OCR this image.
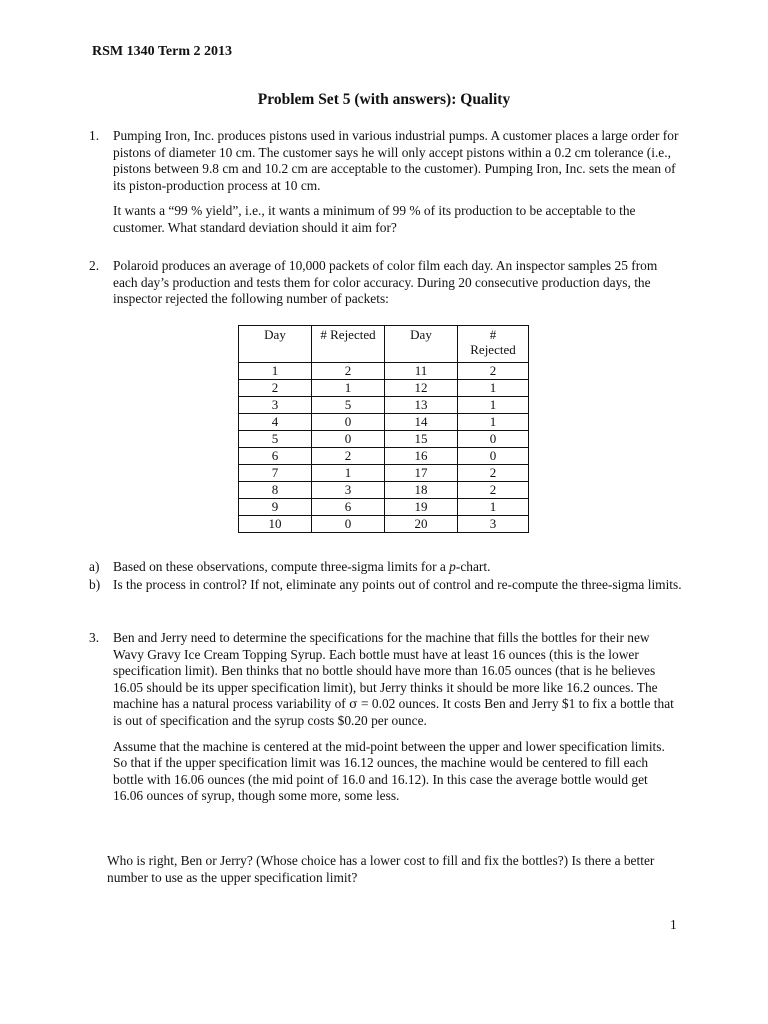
RSM 1340 Term 2 2013
Problem Set 5 (with answers): Quality
1. Pumping Iron, Inc. produces pistons used in various industrial pumps. A customer places a large order for pistons of diameter 10 cm. The customer says he will only accept pistons within a 0.2 cm tolerance (i.e., pistons between 9.8 cm and 10.2 cm are acceptable to the customer). Pumping Iron, Inc. sets the mean of its piston-production process at 10 cm.

It wants a “99 % yield”, i.e., it wants a minimum of 99 % of its production to be acceptable to the customer. What standard deviation should it aim for?

2. Polaroid produces an average of 10,000 packets of color film each day. An inspector samples 25 from each day’s production and tests them for color accuracy. During 20 consecutive production days, the inspector rejected the following number of packets:

Day	# Rejected	Day	# Rejected
1	2	11	2
2	1	12	1
3	5	13	1
4	0	14	1
5	0	15	0
6	2	16	0
7	1	17	2
8	3	18	2
9	6	19	1
10	0	20	3
a) Based on these observations, compute three-sigma limits for a p-chart.
b) Is the process in control? If not, eliminate any points out of control and re-compute the three-sigma limits.
3. Ben and Jerry need to determine the specifications for the machine that fills the bottles for their new Wavy Gravy Ice Cream Topping Syrup. Each bottle must have at least 16 ounces (this is the lower specification limit). Ben thinks that no bottle should have more than 16.05 ounces (that is he believes 16.05 should be its upper specification limit), but Jerry thinks it should be more like 16.2 ounces. The machine has a natural process variability of σ = 0.02 ounces. It costs Ben and Jerry $1 to fix a bottle that is out of specification and the syrup costs $0.20 per ounce.

Assume that the machine is centered at the mid-point between the upper and lower specification limits. So that if the upper specification limit was 16.12 ounces, the machine would be centered to fill each bottle with 16.06 ounces (the mid point of 16.0 and 16.12). In this case the average bottle would get 16.06 ounces of syrup, though some more, some less.

Who is right, Ben or Jerry? (Whose choice has a lower cost to fill and fix the bottles?) Is there a better number to use as the upper specification limit?
1
